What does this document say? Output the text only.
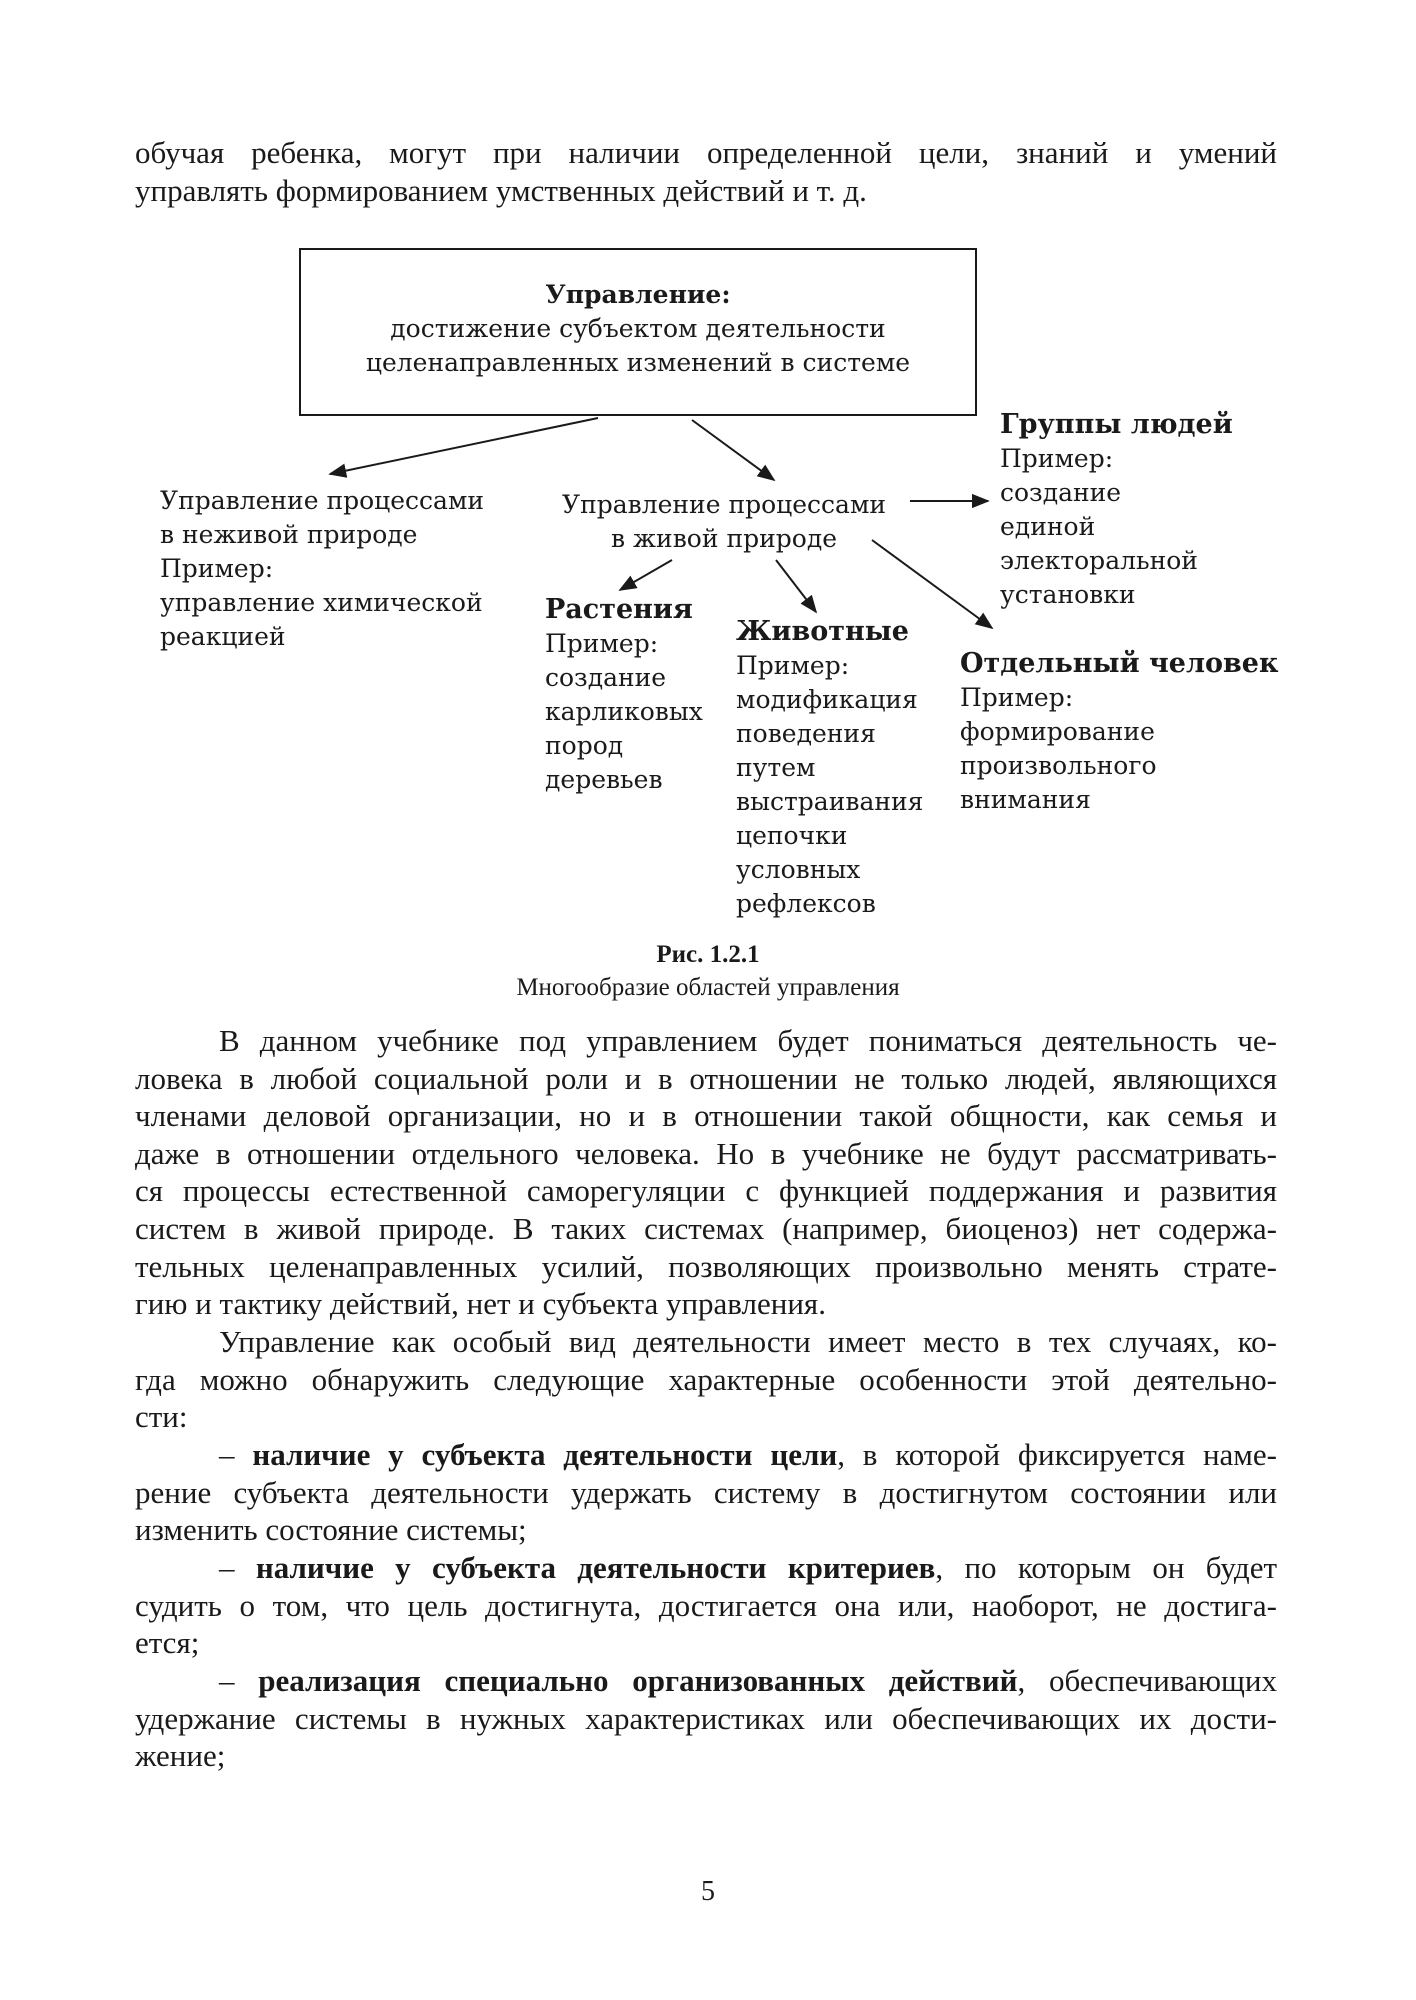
обучая ребенка, могут при наличии определенной цели, знаний и умений
управлять формированием умственных действий и т. д.
Управление:
достижение субъектом деятельности
целенаправленных изменений в системе
Управление процессами
в неживой природе
Пример:
управление химической
реакцией
Управление процессами
в живой природе
Группы людей
Пример:
создание
единой
электоральной
установки
Растения
Пример:
создание
карликовых
пород
деревьев
Животные
Пример:
модификация
поведения
путем
выстраивания
цепочки
условных
рефлексов
Отдельный человек
Пример:
формирование
произвольного
внимания
Рис. 1.2.1
Многообразие областей управления
В данном учебнике под управлением будет пониматься деятельность че-
ловека в любой социальной роли и в отношении не только людей, являющихся
членами деловой организации, но и в отношении такой общности, как семья и
даже в отношении отдельного человека. Но в учебнике не будут рассматривать-
ся процессы естественной саморегуляции с функцией поддержания и развития
систем в живой природе. В таких системах (например, биоценоз) нет содержа-
тельных целенаправленных усилий, позволяющих произвольно менять страте-
гию и тактику действий, нет и субъекта управления.
Управление как особый вид деятельности имеет место в тех случаях, ко-
гда можно обнаружить следующие характерные особенности этой деятельно-
сти:
– наличие у субъекта деятельности цели, в которой фиксируется наме-
рение субъекта деятельности удержать систему в достигнутом состоянии или
изменить состояние системы;
– наличие у субъекта деятельности критериев, по которым он будет
судить о том, что цель достигнута, достигается она или, наоборот, не достига-
ется;
– реализация специально организованных действий, обеспечивающих
удержание системы в нужных характеристиках или обеспечивающих их дости-
жение;
5
